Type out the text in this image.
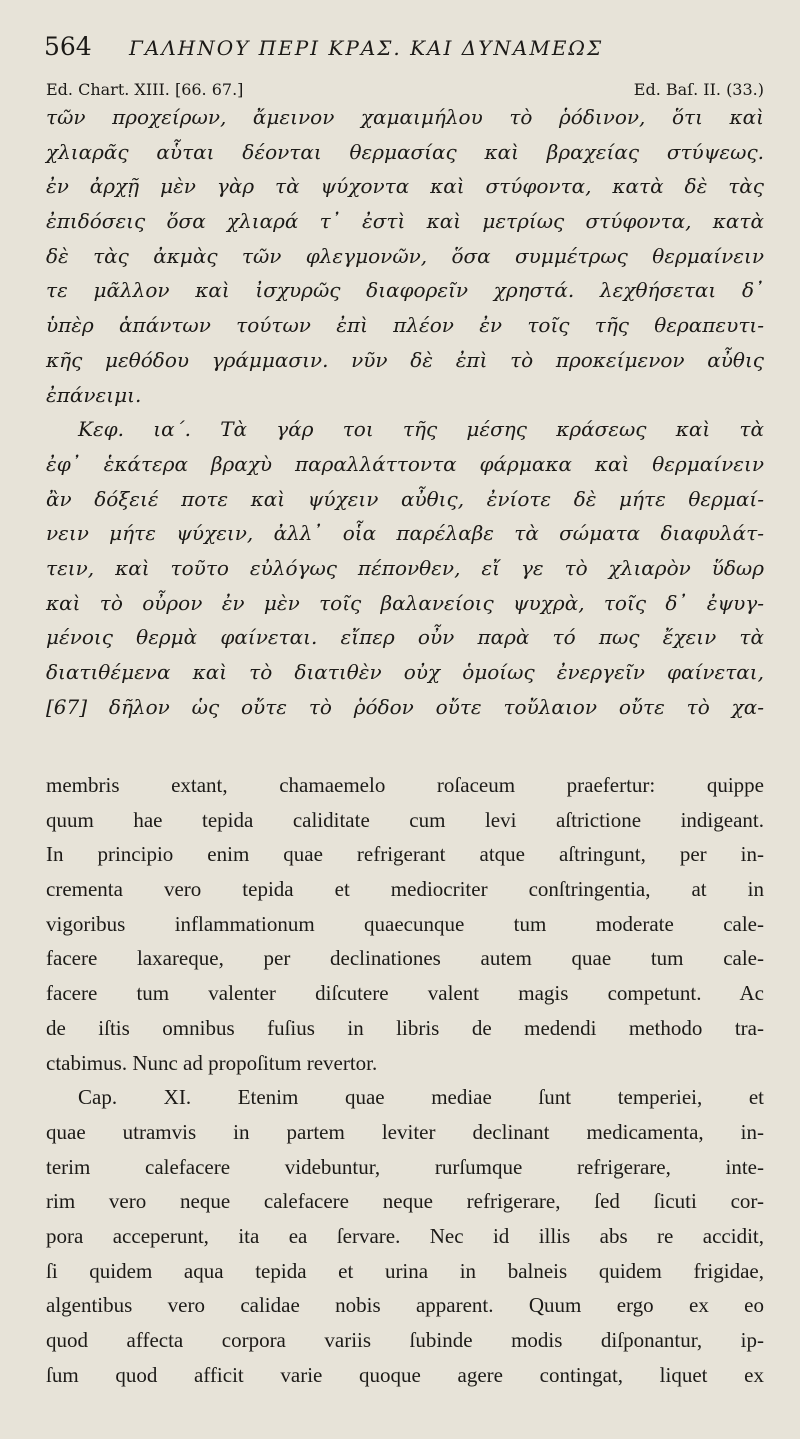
564 ΓΑΛΗΝΟΥ ΠΕΡΙ ΚΡΑΣ. ΚΑΙ ΔΥΝΑΜΕΩΣ
Ed. Chart. XIII. [66. 67.]	Ed. Baſ. II. (33.)
τῶν προχείρων, ἄμεινον χαμαιμήλου τὸ ῥόδινον, ὅτι καὶ
χλιαρᾶς αὗται δέονται θερμασίας καὶ βραχείας στύψεως.
ἐν ἀρχῇ μὲν γὰρ τὰ ψύχοντα καὶ στύφοντα, κατὰ δὲ τὰς
ἐπιδόσεις ὅσα χλιαρά τ᾽ ἐστὶ καὶ μετρίως στύφοντα, κατὰ
δὲ τὰς ἀκμὰς τῶν φλεγμονῶν, ὅσα συμμέτρως θερμαίνειν
τε μᾶλλον καὶ ἰσχυρῶς διαφορεῖν χρηστά. λεχθήσεται δ᾽
ὑπὲρ ἁπάντων τούτων ἐπὶ πλέον ἐν τοῖς τῆς θεραπευτι-
κῆς μεθόδου γράμμασιν. νῦν δὲ ἐπὶ τὸ προκείμενον αὖθις
ἐπάνειμι.
Κεφ. ια΄. Τὰ γάρ τοι τῆς μέσης κράσεως καὶ τὰ
ἐφ᾽ ἑκάτερα βραχὺ παραλλάττοντα φάρμακα καὶ θερμαίνειν
ἂν δόξειέ ποτε καὶ ψύχειν αὖθις, ἐνίοτε δὲ μήτε θερμαί-
νειν μήτε ψύχειν, ἀλλ᾽ οἷα παρέλαβε τὰ σώματα διαφυλάτ-
τειν, καὶ τοῦτο εὐλόγως πέπονθεν, εἴ γε τὸ χλιαρὸν ὕδωρ
καὶ τὸ οὖρον ἐν μὲν τοῖς βαλανείοις ψυχρὰ, τοῖς δ᾽ ἐψυγ-
μένοις θερμὰ φαίνεται. εἴπερ οὖν παρὰ τό πως ἔχειν τὰ
διατιθέμενα καὶ τὸ διατιθὲν οὐχ ὁμοίως ἐνεργεῖν φαίνεται,
[67] δῆλον ὡς οὔτε τὸ ῥόδον οὔτε τοὔλαιον οὔτε τὸ χα-
membris extant, chamaemelo roſaceum praefertur: quippe
quum hae tepida caliditate cum levi aſtrictione indigeant.
In principio enim quae refrigerant atque aſtringunt, per in-
crementa vero tepida et mediocriter conſtringentia, at in
vigoribus inflammationum quaecunque tum moderate cale-
facere laxareque, per declinationes autem quae tum cale-
facere tum valenter diſcutere valent magis competunt. Ac
de iſtis omnibus fuſius in libris de medendi methodo tra-
ctabimus. Nunc ad propoſitum revertor.
Cap. XI. Etenim quae mediae ſunt temperiei, et
quae utramvis in partem leviter declinant medicamenta, in-
terim calefacere videbuntur, rurſumque refrigerare, inte-
rim vero neque calefacere neque refrigerare, ſed ſicuti cor-
pora acceperunt, ita ea ſervare. Nec id illis abs re accidit,
ſi quidem aqua tepida et urina in balneis quidem frigidae,
algentibus vero calidae nobis apparent. Quum ergo ex eo
quod affecta corpora variis ſubinde modis diſponantur, ip-
ſum quod afficit varie quoque agere contingat, liquet ex
